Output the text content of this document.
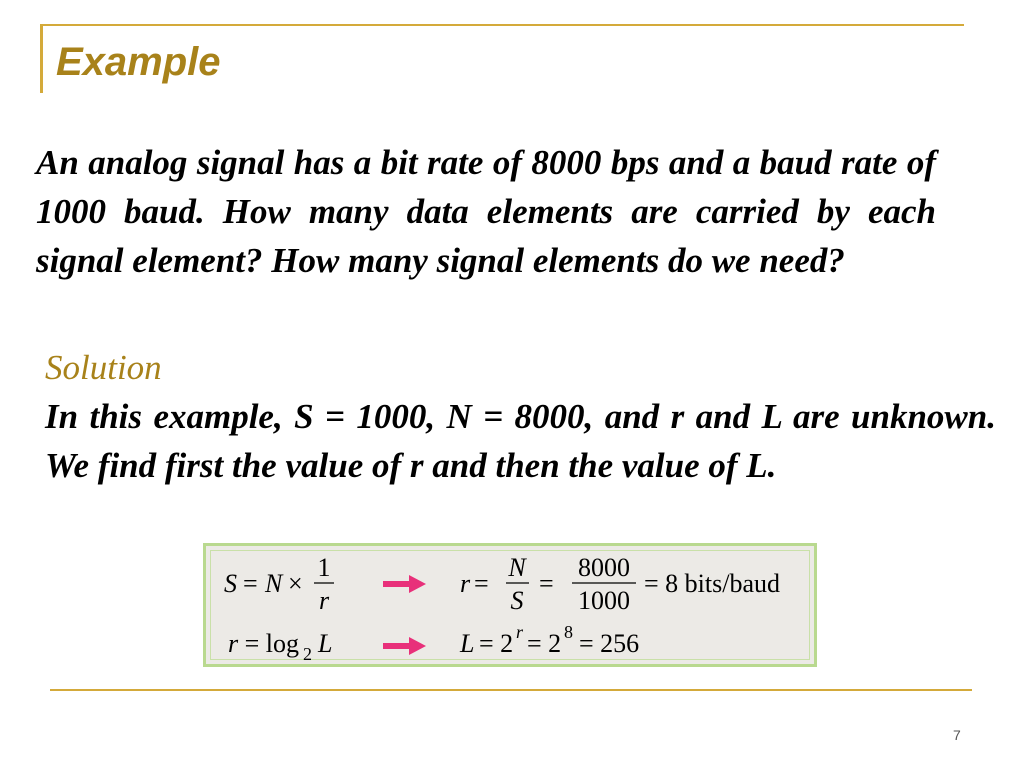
Example
An analog signal has a bit rate of 8000 bps and a baud rate of 1000 baud. How many data elements are carried by each signal element? How many signal elements do we need?
Solution
In this example, S = 1000, N = 8000, and r and L are unknown. We find first the value of r and then the value of L.
S = N ×
1
r
r =
N
S
=
8000
1000
= 8 bits/baud
r = log 2 L	L = 2 r = 2 8 = 256
7
